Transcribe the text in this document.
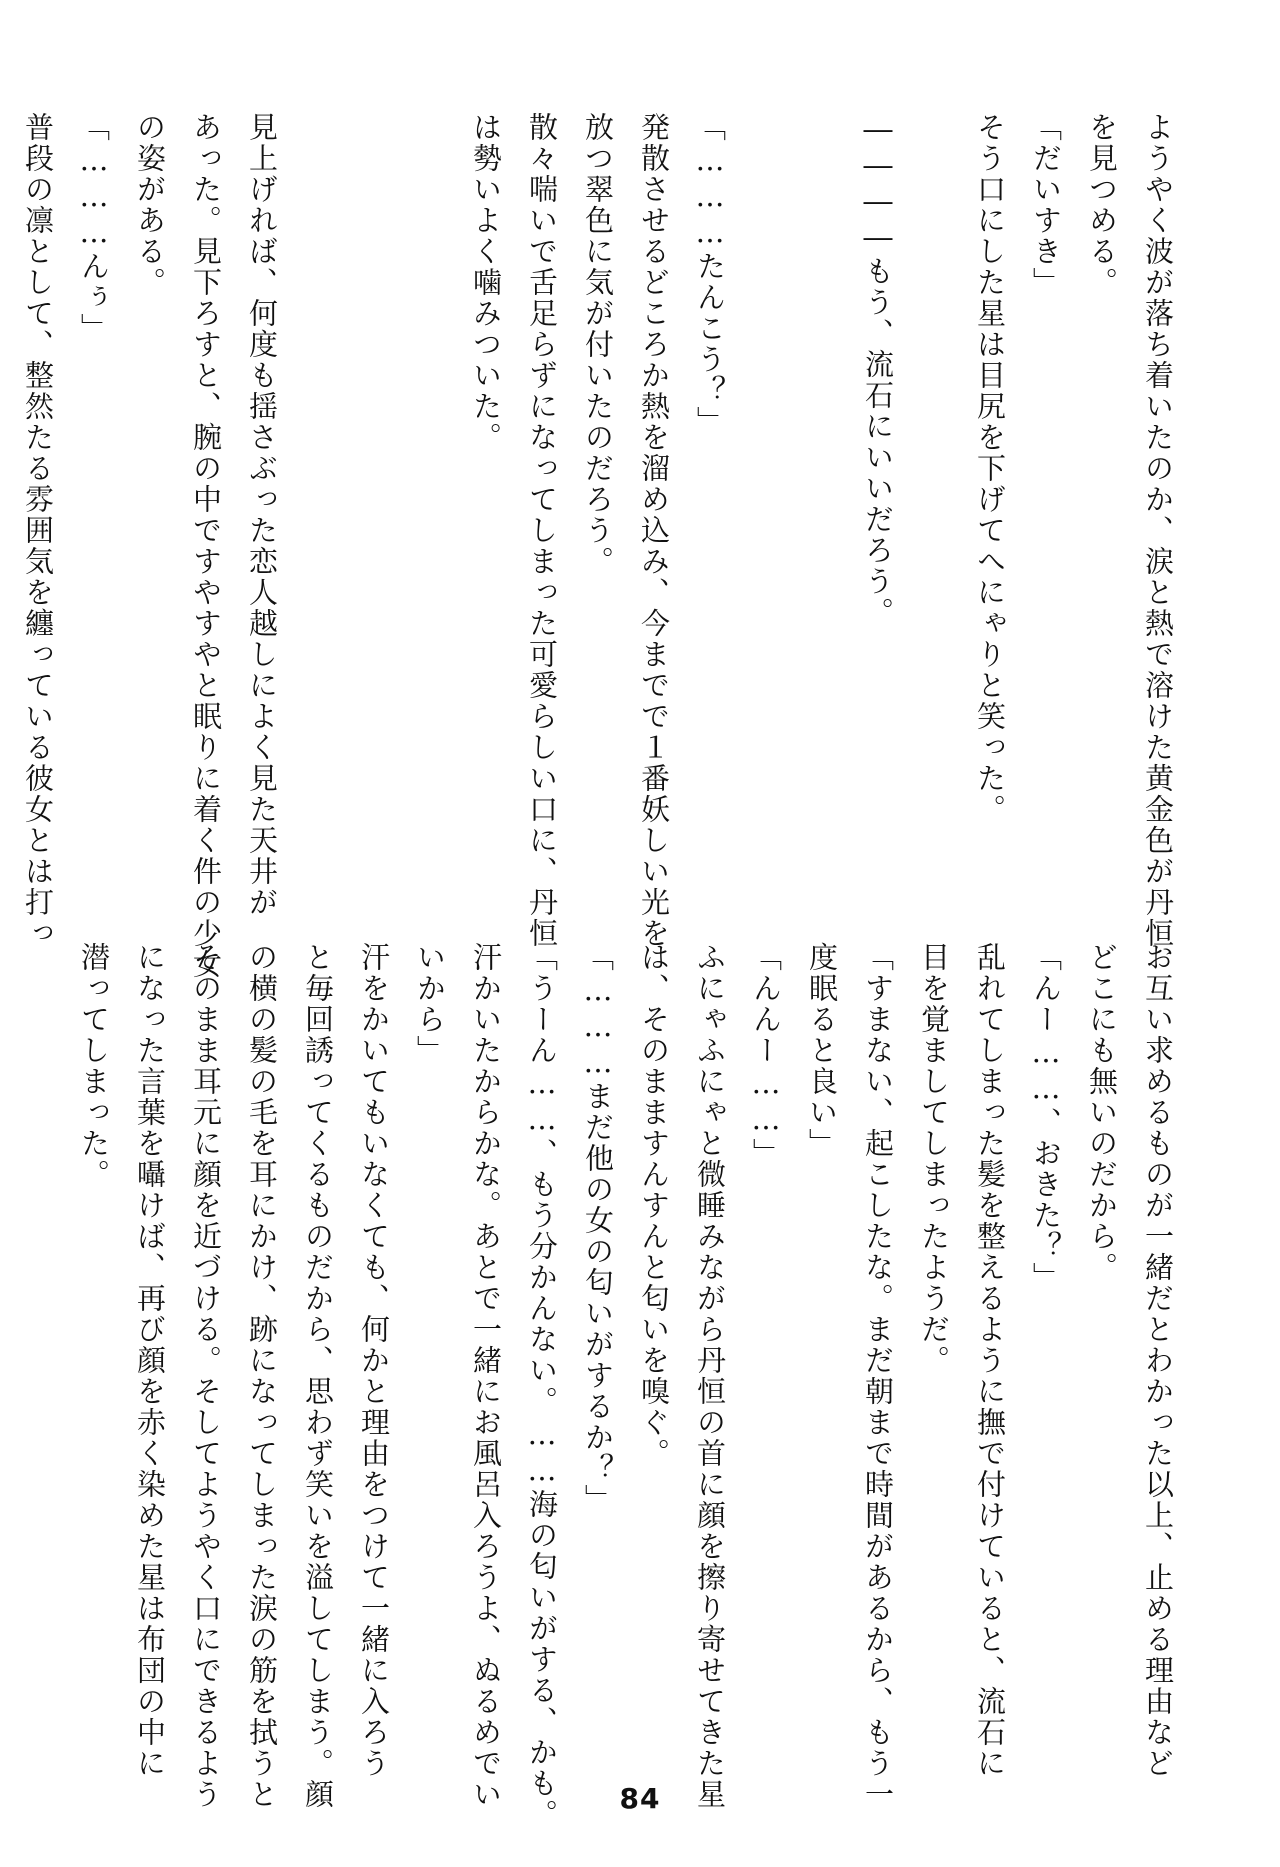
ようやく波が落ち着いたのか、涙と熱で溶けた黄金色が丹恒

を見つめる。

「だいすき」

そう口にした星は目尻を下げてへにゃりと笑った。

――――もう、流石にいいだろう。

「………たんこう？」

発散させるどころか熱を溜め込み、今までで１番妖しい光を

放つ翠色に気が付いたのだろう。

散々喘いで舌足らずになってしまった可愛らしい口に、丹恒

は勢いよく噛みついた。

見上げれば、何度も揺さぶった恋人越しによく見た天井が

あった。見下ろすと、腕の中ですやすやと眠りに着く件の少女

の姿がある。

「………んぅ」

普段の凛として、整然たる雰囲気を纏っている彼女とは打っ

お互い求めるものが一緒だとわかった以上、止める理由など

どこにも無いのだから。

「んー……、おきた？」

乱れてしまった髪を整えるように撫で付けていると、流石に

目を覚ましてしまったようだ。

「すまない、起こしたな。まだ朝まで時間があるから、もう一

度眠ると良い」

「んんー……」

ふにゃふにゃと微睡みながら丹恒の首に顔を擦り寄せてきた星

は、そのまますんすんと匂いを嗅ぐ。

「………まだ他の女の匂いがするか？」

「うーん……、もう分かんない。……海の匂いがする、かも。

汗かいたからかな。あとで一緒にお風呂入ろうよ、ぬるめでい

いから」

汗をかいてもいなくても、何かと理由をつけて一緒に入ろう

と毎回誘ってくるものだから、思わず笑いを溢してしまう。顔

の横の髪の毛を耳にかけ、跡になってしまった涙の筋を拭うと

そのまま耳元に顔を近づける。そしてようやく口にできるよう

になった言葉を囁けば、再び顔を赤く染めた星は布団の中に

潜ってしまった。

84
